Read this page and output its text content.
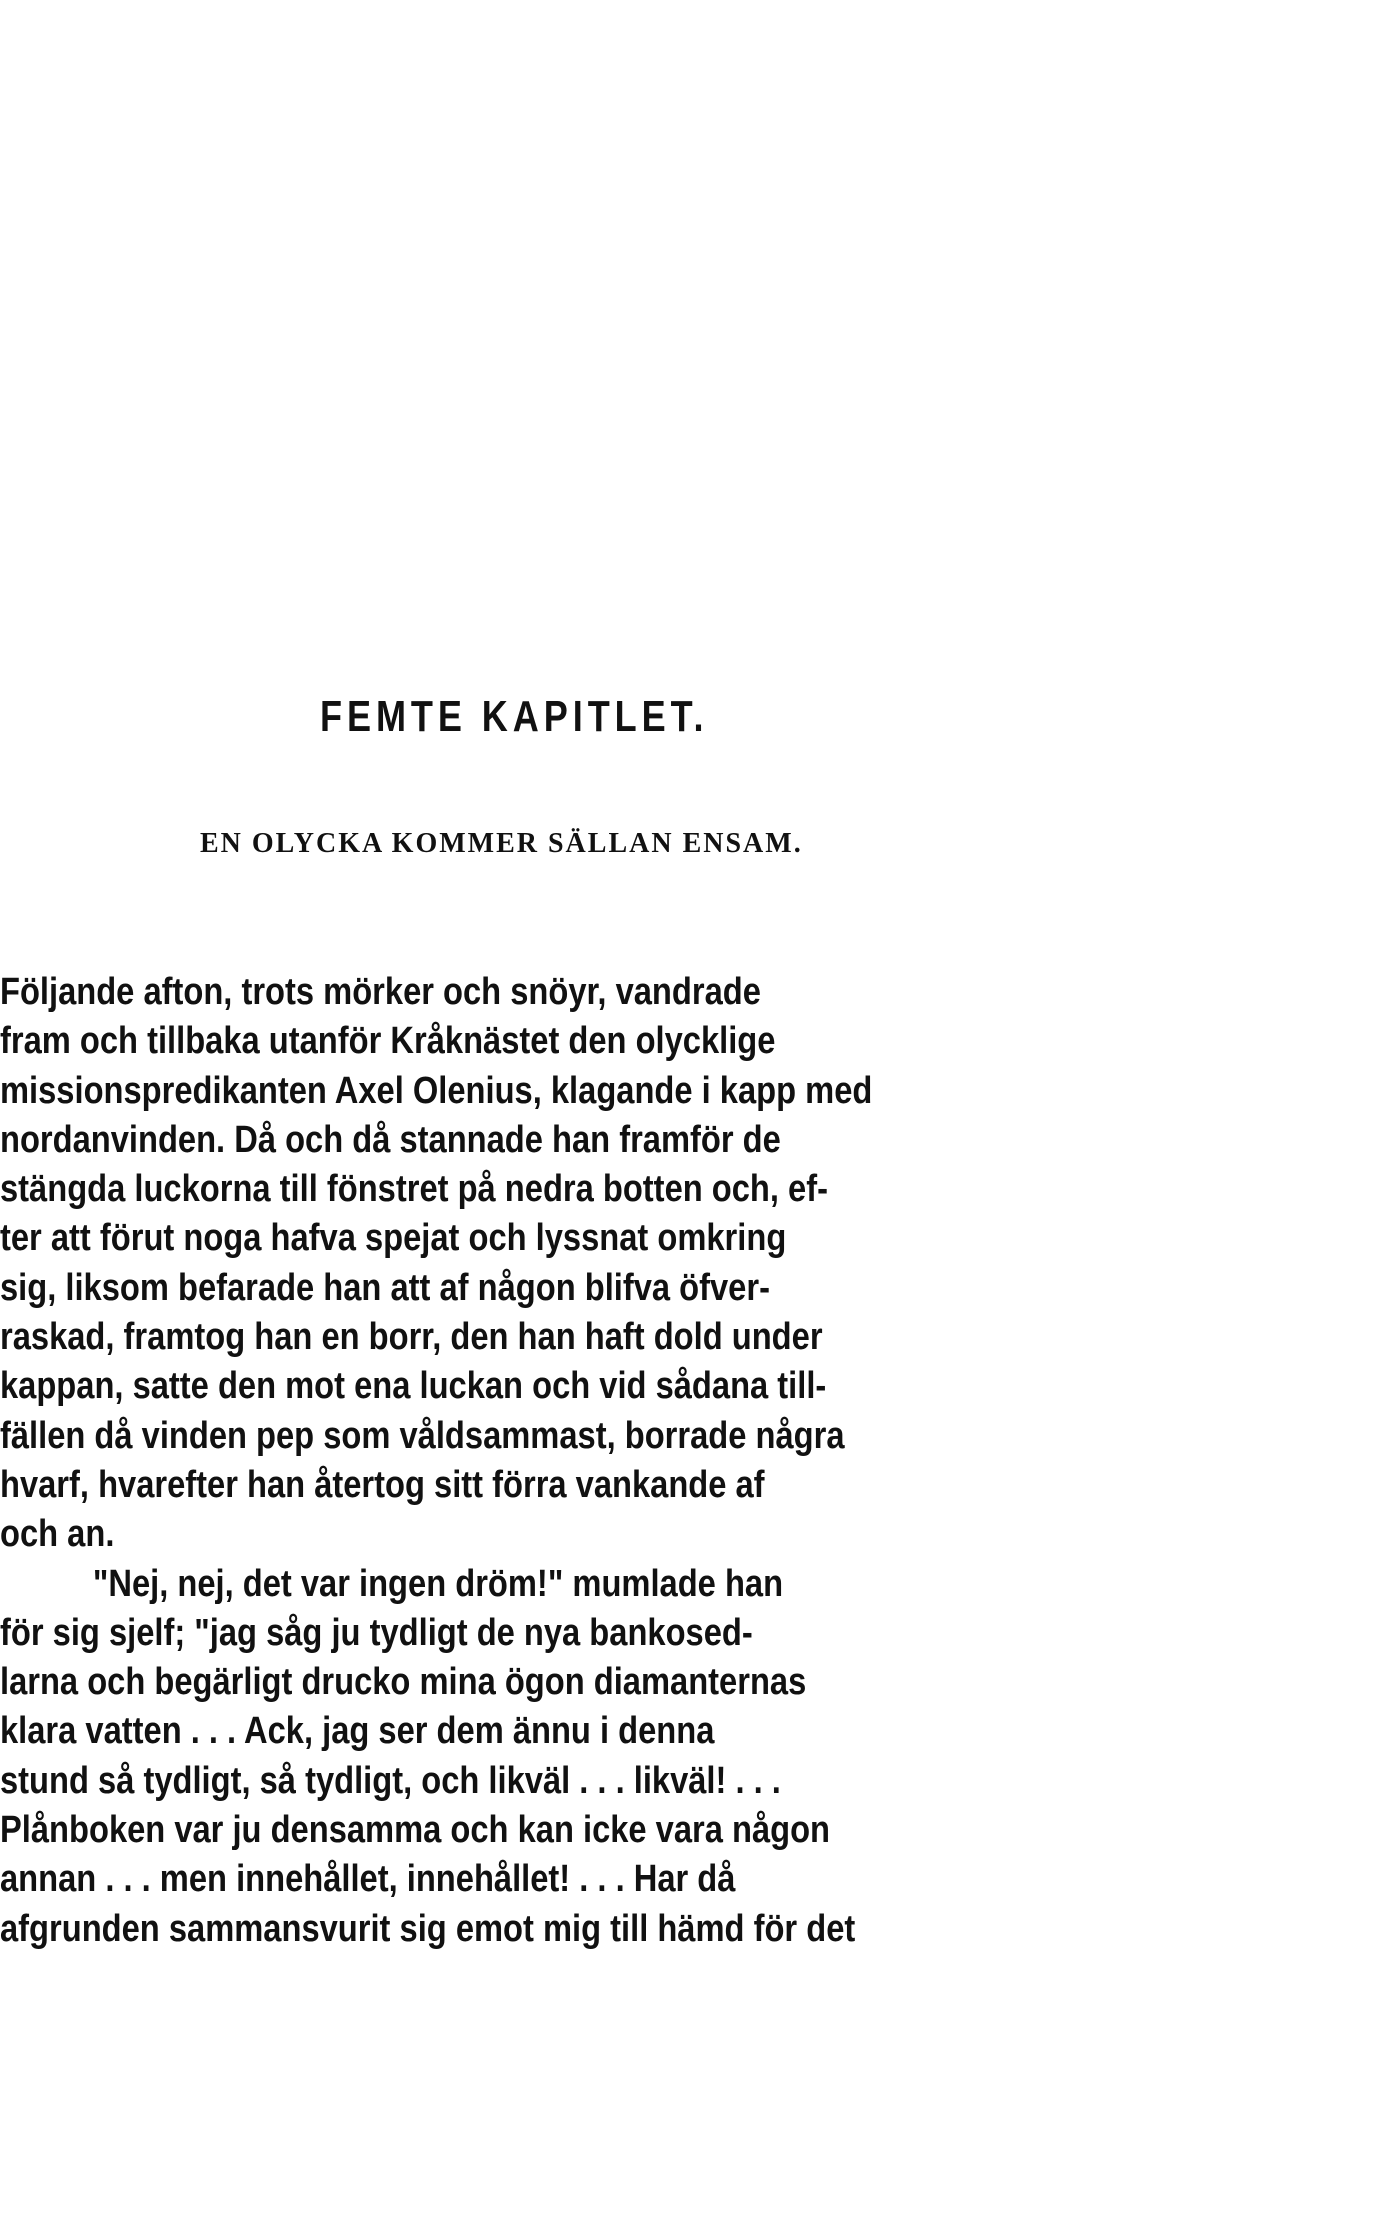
FEMTE KAPITLET.
EN OLYCKA KOMMER SÄLLAN ENSAM.
Följande afton, trots mörker och snöyr, vandrade
fram och tillbaka utanför Kråknästet den olycklige
missionspredikanten Axel Olenius, klagande i kapp med
nordanvinden. Då och då stannade han framför de
stängda luckorna till fönstret på nedra botten och, ef-
ter att förut noga hafva spejat och lyssnat omkring
sig, liksom befarade han att af någon blifva öfver-
raskad, framtog han en borr, den han haft dold under
kappan, satte den mot ena luckan och vid sådana till-
fällen då vinden pep som våldsammast, borrade några
hvarf, hvarefter han återtog sitt förra vankande af
och an.
"Nej, nej, det var ingen dröm!" mumlade han
för sig sjelf; "jag såg ju tydligt de nya bankosed-
larna och begärligt drucko mina ögon diamanternas
klara vatten . . . Ack, jag ser dem ännu i denna
stund så tydligt, så tydligt, och likväl . . . likväl! . . .
Plånboken var ju densamma och kan icke vara någon
annan . . . men innehållet, innehållet! . . . Har då
afgrunden sammansvurit sig emot mig till hämd för det
